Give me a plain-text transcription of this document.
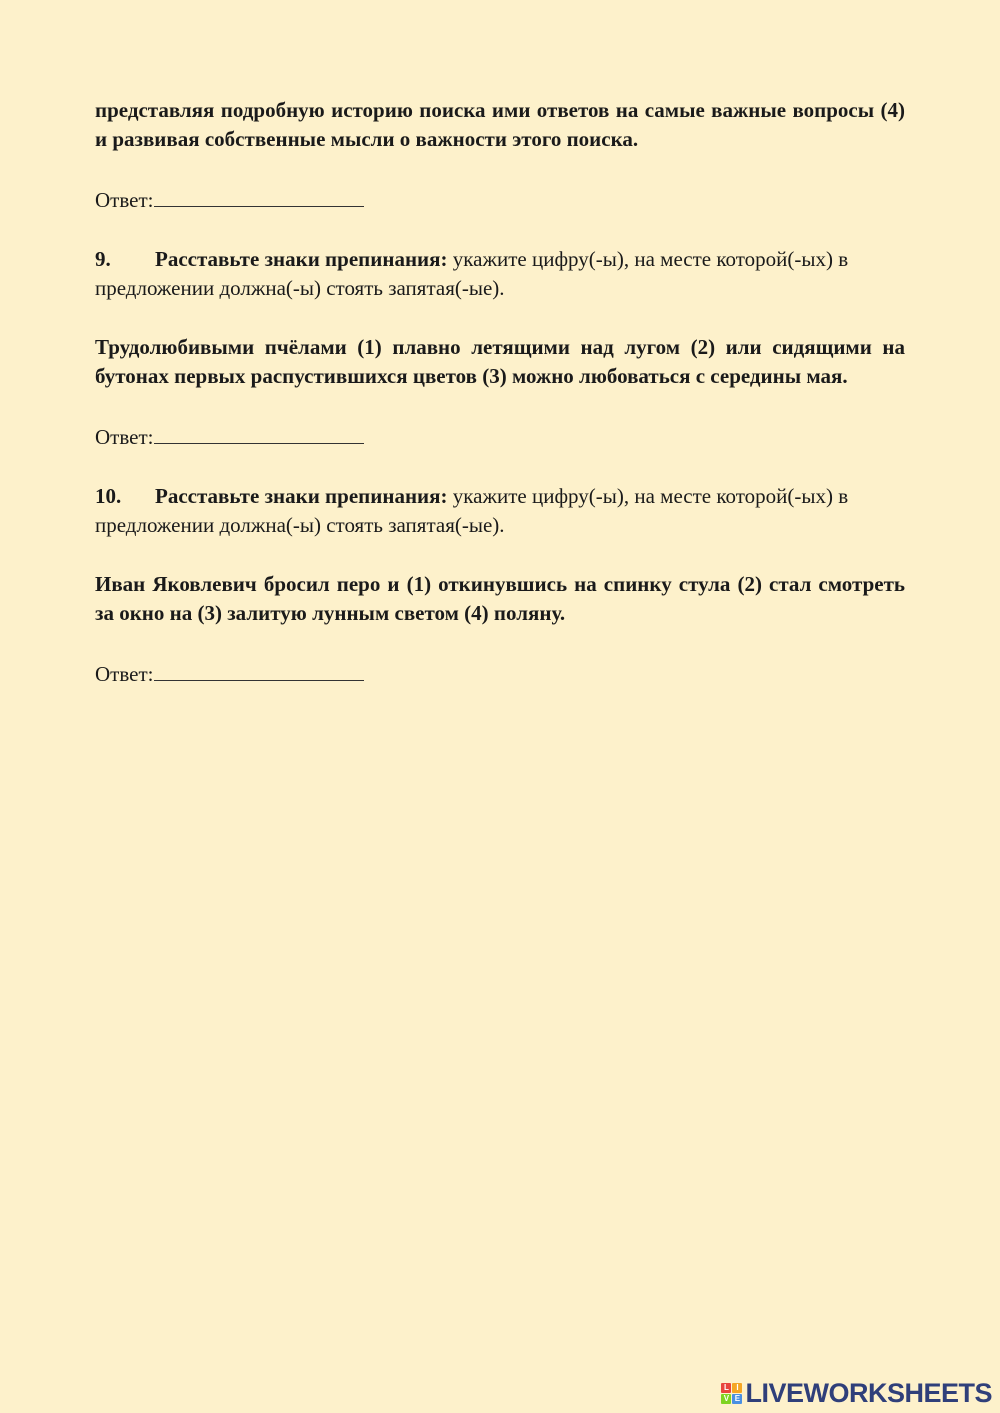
представляя подробную историю поиска ими ответов на самые важные вопросы (4) и развивая собственные мысли о важности этого поиска.

Ответ:

9. Расставьте знаки препинания: укажите цифру(-ы), на месте которой(-ых) в предложении должна(-ы) стоять запятая(-ые).

Трудолюбивыми пчёлами (1) плавно летящими над лугом (2) или сидящими на бутонах первых распустившихся цветов (3) можно любоваться с середины мая.

Ответ:

10. Расставьте знаки препинания: укажите цифру(-ы), на месте которой(-ых) в предложении должна(-ы) стоять запятая(-ые).

Иван Яковлевич бросил перо и (1) откинувшись на спинку стула (2) стал смотреть за окно на (3) залитую лунным светом (4) поляну.

Ответ:

L I
V E LIVEWORKSHEETS
